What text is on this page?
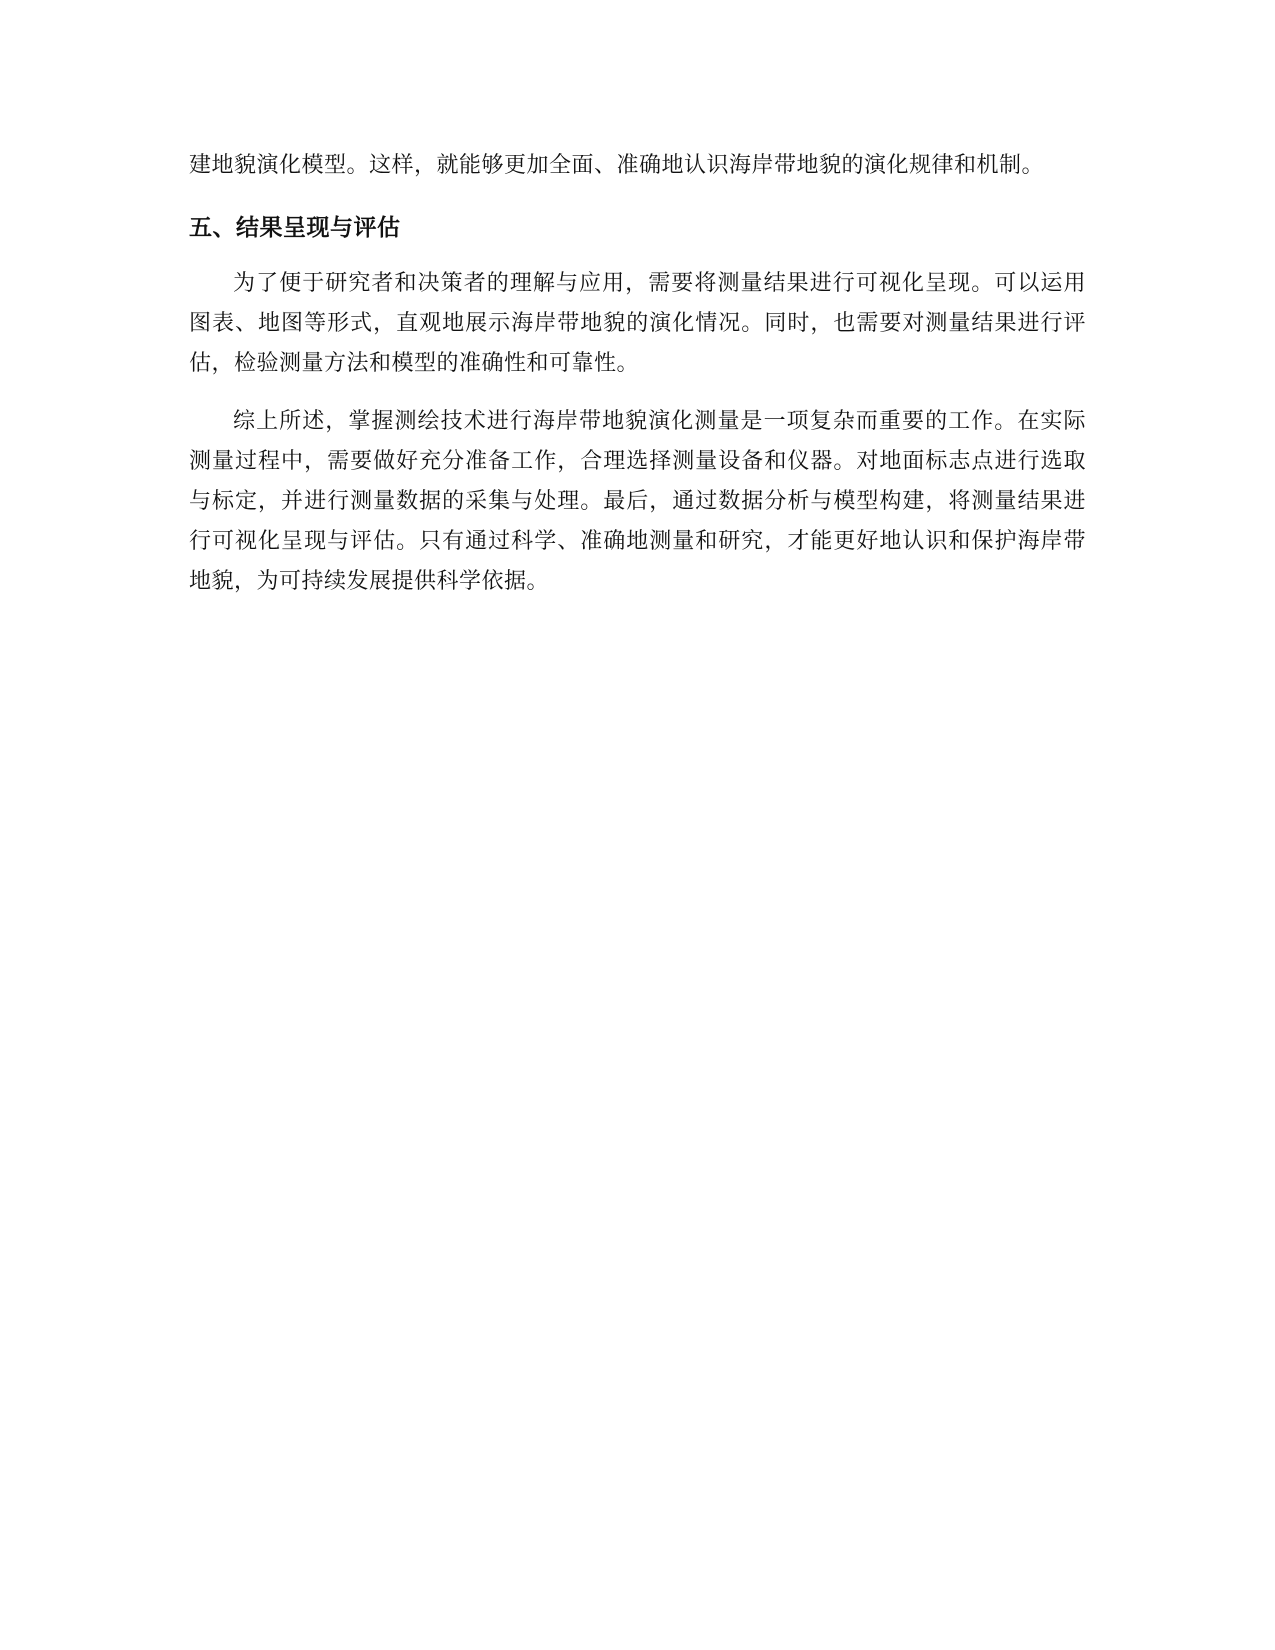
建地貌演化模型。这样，就能够更加全面、准确地认识海岸带地貌的演化规律和机制。

五、结果呈现与评估

为了便于研究者和决策者的理解与应用，需要将测量结果进行可视化呈现。可以运用图表、地图等形式，直观地展示海岸带地貌的演化情况。同时，也需要对测量结果进行评估，检验测量方法和模型的准确性和可靠性。

综上所述，掌握测绘技术进行海岸带地貌演化测量是一项复杂而重要的工作。在实际测量过程中，需要做好充分准备工作，合理选择测量设备和仪器。对地面标志点进行选取与标定，并进行测量数据的采集与处理。最后，通过数据分析与模型构建，将测量结果进行可视化呈现与评估。只有通过科学、准确地测量和研究，才能更好地认识和保护海岸带地貌，为可持续发展提供科学依据。
